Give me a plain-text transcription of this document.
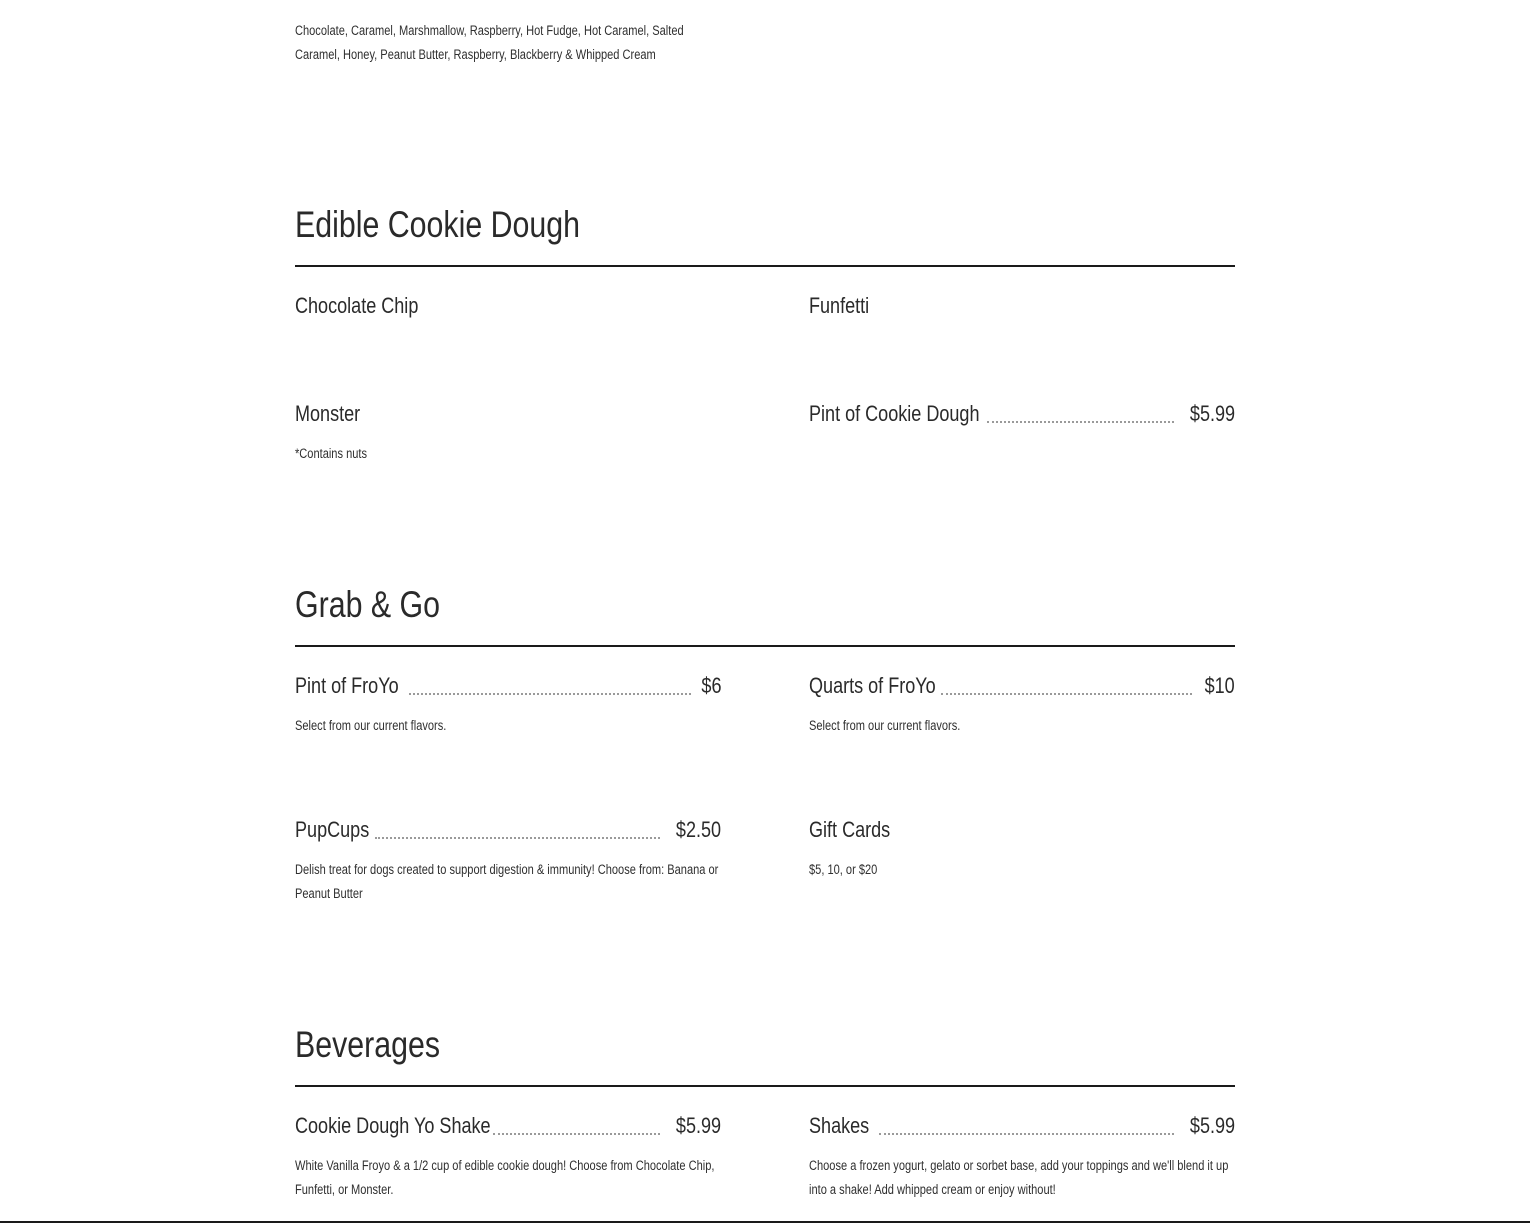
Chocolate, Caramel, Marshmallow, Raspberry, Hot Fudge, Hot Caramel, Salted Caramel, Honey, Peanut Butter, Raspberry, Blackberry & Whipped Cream
Edible Cookie Dough
Chocolate Chip	Funfetti
Monster
*Contains nuts
Pint of Cookie Dough	$5.99
Grab & Go
Pint of FroYo	$6
Select from our current flavors.
Quarts of FroYo	$10
Select from our current flavors.
PupCups	$2.50
Delish treat for dogs created to support digestion & immunity! Choose from: Banana or Peanut Butter
Gift Cards
$5, 10, or $20
Beverages
Cookie Dough Yo Shake	$5.99
White Vanilla Froyo & a 1/2 cup of edible cookie dough! Choose from Chocolate Chip, Funfetti, or Monster.
Shakes	$5.99
Choose a frozen yogurt, gelato or sorbet base, add your toppings and we'll blend it up into a shake! Add whipped cream or enjoy without!
